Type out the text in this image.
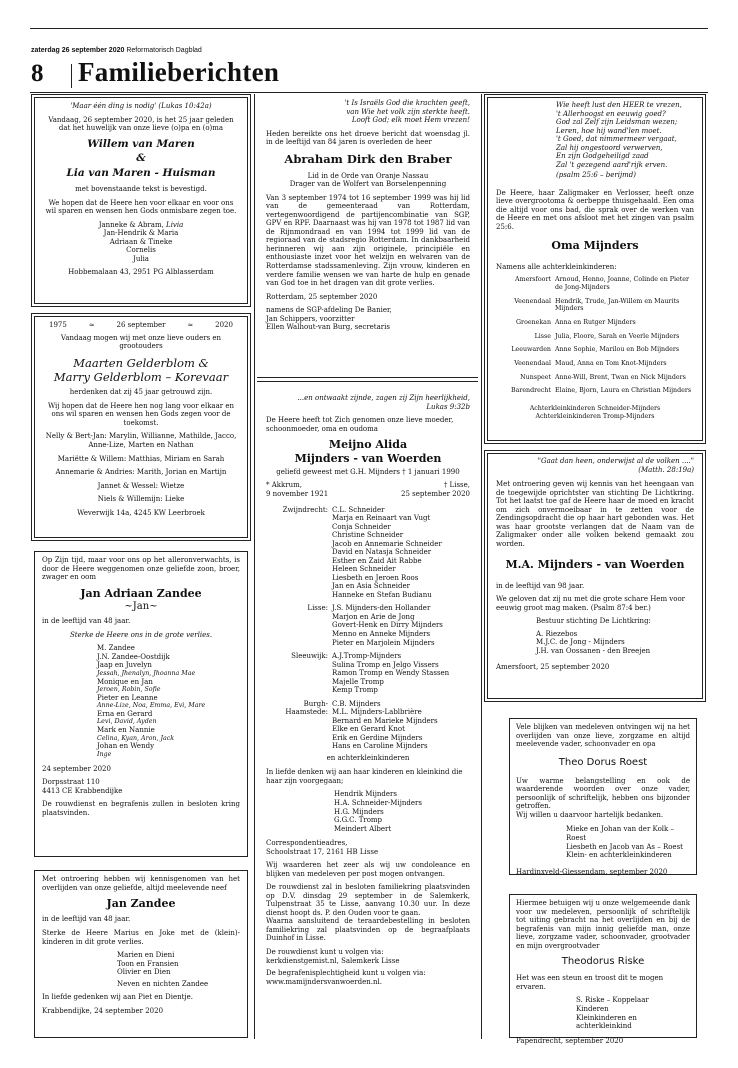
zaterdag 26 september 2020 Reformatorisch Dagblad
8 Familieberichten

'Maar één ding is nodig' (Lukas 10:42a)

Vandaag, 26 september 2020, is het 25 jaar geleden dat het huwelijk van onze lieve (o)pa en (o)ma

Willem van Maren
&
Lia van Maren - Huisman

met bovenstaande tekst is bevestigd.

We hopen dat de Heere hen voor elkaar en voor ons wil sparen en wensen hen Gods onmisbare zegen toe.

Janneke & Abram, Livia
Jan-Hendrik & Maria
Adriaan & Tineke
Cornelis
Julia

Hobbemalaan 43, 2951 PG Alblasserdam

1975	≈	26 september	≈	2020

Vandaag mogen wij met onze lieve ouders en grootouders

Maarten Gelderblom &
Marry Gelderblom – Korevaar

herdenken dat zij 45 jaar getrouwd zijn.

Wij hopen dat de Heere hen nog lang voor elkaar en ons wil sparen en wensen hen Gods zegen voor de toekomst.

Nelly & Bert-Jan: Marylin, Willianne, Mathilde, Jacco, Anne-Lize, Marten en Nathan

Mariëtte & Willem: Matthias, Miriam en Sarah

Annemarie & Andries: Marith, Jorian en Martijn

Jannet & Wessel: Wietze

Niels & Willemijn: Lieke

Weverwijk 14a, 4245 KW Leerbroek

Op Zijn tijd, maar voor ons op het alleronverwachts, is door de Heere weggenomen onze geliefde zoon, broer, zwager en oom

Jan Adriaan Zandee
~Jan~

in de leeftijd van 48 jaar.

Sterke de Heere ons in de grote verlies.

M. Zandee
J.N. Zandee-Oostdijk
Jaap en Juvelyn
Jessah, Jhenalyn, Jhoanna Mae
Monique en Jan
Jeroen, Robin, Sofie
Pieter en Leanne
Anne-Lize, Noa, Emma, Evi, Mare
Erna en Gerard
Levi, David, Ayden
Mark en Nannie
Celina, Kyan, Aron, Jack
Johan en Wendy
Inge

24 september 2020

Dorpsstraat 110
4413 CE Krabbendijke

De rouwdienst en begrafenis zullen in besloten kring plaatsvinden.

Met ontroering hebben wij kennisgenomen van het overlijden van onze geliefde, altijd meelevende neef

Jan Zandee

in de leeftijd van 48 jaar.

Sterke de Heere Marius en Joke met de (klein)-kinderen in dit grote verlies.

Marien en Dieni
Toon en Fransien
Olivier en Dien
Neven en nichten Zandee

In liefde gedenken wij aan Piet en Dientje.

Krabbendijke, 24 september 2020

't Is Israëls God die krachten geeft,
van Wie het volk zijn sterkte heeft.
Looft God; elk moet Hem vrezen!

Heden bereikte ons het droeve bericht dat woensdag jl. in de leeftijd van 84 jaren is overleden de heer

Abraham Dirk den Braber
Lid in de Orde van Oranje Nassau
Drager van de Wolfert van Borselenpenning

Van 3 september 1974 tot 16 september 1999 was hij lid van de gemeenteraad van Rotterdam, vertegenwoordigend de partijencombinatie van SGP, GPV en RPF. Daarnaast was hij van 1978 tot 1987 lid van de Rijnmondraad en van 1994 tot 1999 lid van de regioraad van de stadsregio Rotterdam. In dankbaarheid herinneren wij aan zijn originele, principiële en enthousiaste inzet voor het welzijn en welvaren van de Rotterdamse stadssamenleving. Zijn vrouw, kinderen en verdere familie wensen we van harte de hulp en genade van God toe in het dragen van dit grote verlies.

Rotterdam, 25 september 2020

namens de SGP-afdeling De Banier,
Jan Schippers, voorzitter
Ellen Walhout-van Burg, secretaris
...en ontwaakt zijnde, zagen zij Zijn heerlijkheid,
Lukas 9:32b

De Heere heeft tot Zich genomen onze lieve moeder, schoonmoeder, oma en oudoma

Meijno Alida
Mijnders - van Woerden

geliefd geweest met G.H. Mijnders † 1 januari 1990

* Akkrum,
9 november 1921
† Lisse,
25 september 2020
Zwijndrecht: C.L. Schneider
Marja en Reinaart van Vugt
Conja Schneider
Christine Schneider
Jacob en Annemarie Schneider
David en Natasja Schneider
Esther en Zaid Ait Rabbe
Heleen Schneider
Liesbeth en Jeroen Roos
Jan en Asia Schneider
Hanneke en Stefan Budianu
Lisse: J.S. Mijnders-den Hollander
Marjon en Arie de Jong
Govert-Henk en Dirry Mijnders
Menno en Anneke Mijnders
Pieter en Marjolein Mijnders
Sleeuwijk: A.J.Tromp-Mijnders
Sulina Tromp en Jelgo Vissers
Ramon Tromp en Wendy Stassen
Majelle Tromp
Kemp Tromp
Burgh-Haamstede:
C.B. Mijnders
M.L. Mijnders-Lablbrière
Bernard en Marieke Mijnders
Elke en Gerard Knot
Erik en Gerdine Mijnders
Hans en Caroline Mijnders

en achterkleinkinderen

In liefde denken wij aan haar kinderen en kleinkind die haar zijn voorgegaan;

Hendrik Mijnders
H.A. Schneider-Mijnders
H.G. Mijnders
G.G.C. Tromp
Meindert Albert
Correspondentieadres,
Schoolstraat 17, 2161 HB Lisse

Wij waarderen het zeer als wij uw condoleance en blijken van medeleven per post mogen ontvangen.

De rouwdienst zal in besloten familiekring plaatsvinden op D.V. dinsdag 29 september in de Salemkerk, Tulpenstraat 35 te Lisse, aanvang 10.30 uur. In deze dienst hoopt ds. P. den Ouden voor te gaan.

Waarna aansluitend de teraardebestelling in besloten familiekring zal plaatsvinden op de begraafplaats Duinhof in Lisse.

De rouwdienst kunt u volgen via:
kerkdienstgemist.nl, Salemkerk Lisse
De begrafenisplechtigheid kunt u volgen via:
www.mamijndersvanwoerden.nl.
Wie heeft lust den HEER te vrezen,
't Allerhoogst en eeuwig goed?
God zal Zelf zijn Leidsman wezen;
Leren, hoe hij wand'len moet.
't Goed, dat nimmermeer vergaat,
Zal hij ongestoord verwerven,
En zijn Godgeheiligd zaad
Zal 't gezegend aard'rijk erven.

(psalm 25:6 – berijmd)

De Heere, haar Zaligmaker en Verlosser, heeft onze lieve overgrootoma & oerbeppe thuisgehaald. Een oma die altijd voor ons bad, die sprak over de werken van de Heere en met ons afsloot met het zingen van psalm 25:6.

Oma Mijnders

Namens alle achterkleinkinderen:

Amersfoort Arnoud, Henno, Joanne, Colinde en Pieter de Jong-Mijnders
Veenendaal Hendrik, Trude, Jan-Willem en Maurits Mijnders
Groenekan Anna en Rutger Mijnders
Lisse Julia, Floore, Sarah en Veerle Mijnders
Leeuwarden Anne Sophie, Marilou en Bob Mijnders
Veenendaal Maud, Anna en Tom Knot-Mijnders
Nunspeet Anne-Will, Brent, Twan en Nick Mijnders
Barendrecht Elaine, Bjorn, Laura en Christian Mijnders
Achterkleinkinderen Schneider-Mijnders
Achterkleinkinderen Tromp-Mijnders
"Gaat dan heen, onderwijst al de volken ...."
(Matth. 28:19a)

Met ontroering geven wij kennis van het heengaan van de toegewijde oprichtster van stichting De Lichtkring. Tot het laatst toe gaf de Heere haar de moed en kracht om zich onvermoeibaar in te zetten voor de Zendingsopdracht die op haar hart gebonden was. Het was haar grootste verlangen dat de Naam van de Zaligmaker onder alle volken bekend gemaakt zou worden.

M.A. Mijnders - van Woerden

in de leeftijd van 98 jaar.

We geloven dat zij nu met die grote schare Hem voor eeuwig groot mag maken. (Psalm 87:4 ber.)

Bestuur stichting De Lichtkring:
A. Riezebos
M.J.C. de Jong - Mijnders
J.H. van Oossanen - den Breejen

Amersfoort, 25 september 2020

Vele blijken van medeleven ontvingen wij na het overlijden van onze lieve, zorgzame en altijd meelevende vader, schoonvader en opa

Theo Dorus Roest

Uw warme belangstelling en ook de waarderende woorden over onze vader, persoonlijk of schriftelijk, hebben ons bijzonder getroffen.

Wij willen u daarvoor hartelijk bedanken.

Mieke en Johan van der Kolk – Roest
Liesbeth en Jacob van As – Roest
Klein- en achterkleinkinderen

Hardinxveld-Giessendam, september 2020

Hiermee betuigen wij u onze welgemeende dank voor uw medeleven, persoonlijk of schriftelijk tot uiting gebracht na het overlijden en bij de begrafenis van mijn innig geliefde man, onze lieve, zorgzame vader, schoonvader, grootvader en mijn overgrootvader

Theodorus Riske

Het was een steun en troost dit te mogen ervaren.

S. Riske – Koppelaar
Kinderen
Kleinkinderen en achterkleinkind

Papendrecht, september 2020
